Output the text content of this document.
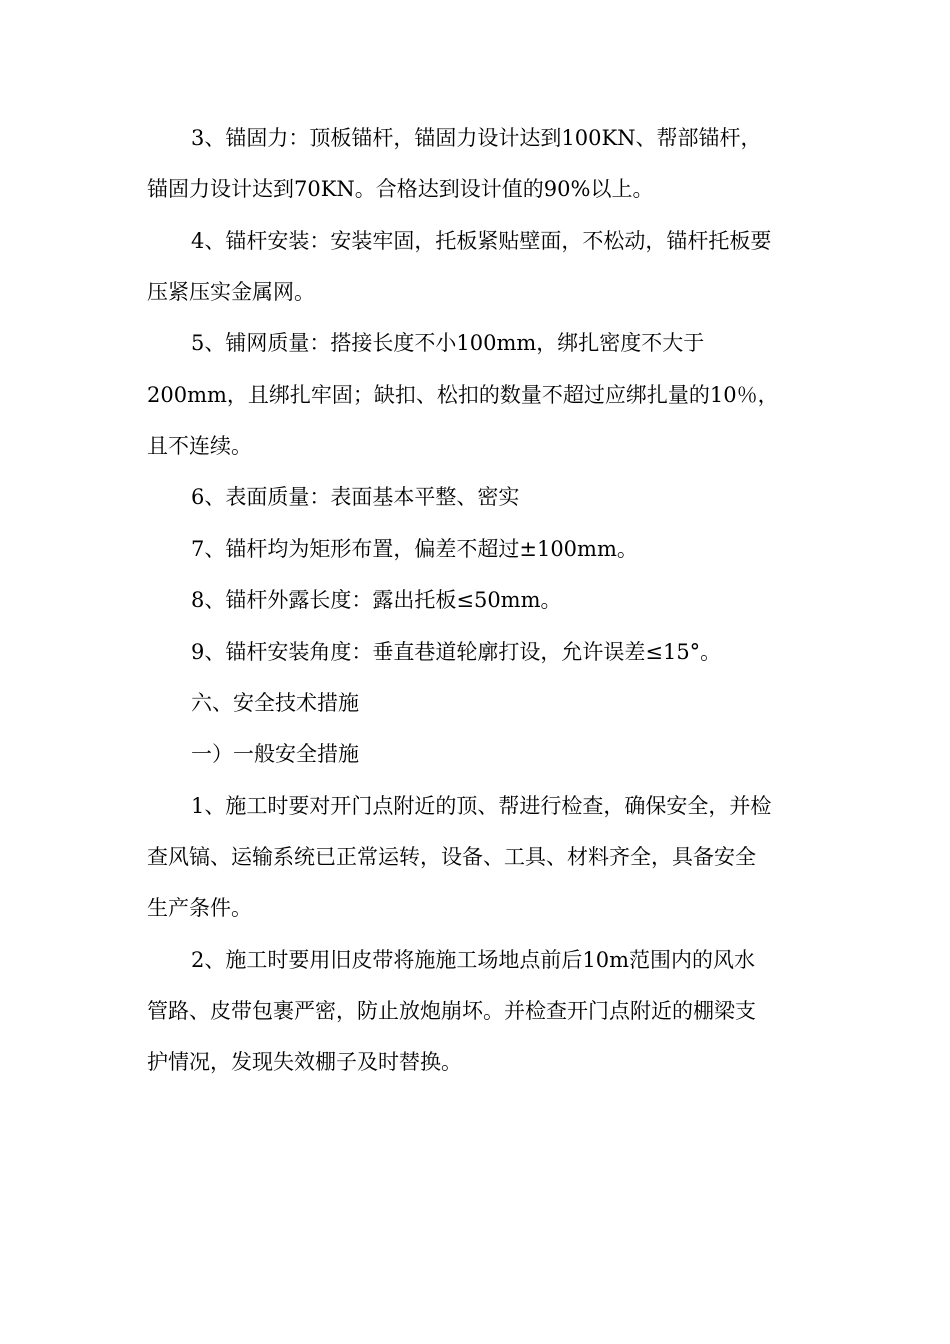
3、锚固力：顶板锚杆，锚固力设计达到100KN、帮部锚杆，
锚固力设计达到70KN。合格达到设计值的90%以上。
4、锚杆安装：安装牢固，托板紧贴壁面，不松动，锚杆托板要
压紧压实金属网。
5、铺网质量：搭接长度不小100mm，绑扎密度不大于
200mm，且绑扎牢固；缺扣、松扣的数量不超过应绑扎量的10％，
且不连续。
6、表面质量：表面基本平整、密实
7、锚杆均为矩形布置，偏差不超过±100mm。
8、锚杆外露长度：露出托板≤50mm。
9、锚杆安装角度：垂直巷道轮廓打设，允许误差≤15°。
六、安全技术措施
一）一般安全措施
1、施工时要对开门点附近的顶、帮进行检查，确保安全，并检
查风镐、运输系统已正常运转，设备、工具、材料齐全，具备安全
生产条件。
2、施工时要用旧皮带将施施工场地点前后10m范围内的风水
管路、皮带包裹严密，防止放炮崩坏。并检查开门点附近的棚梁支
护情况，发现失效棚子及时替换。
